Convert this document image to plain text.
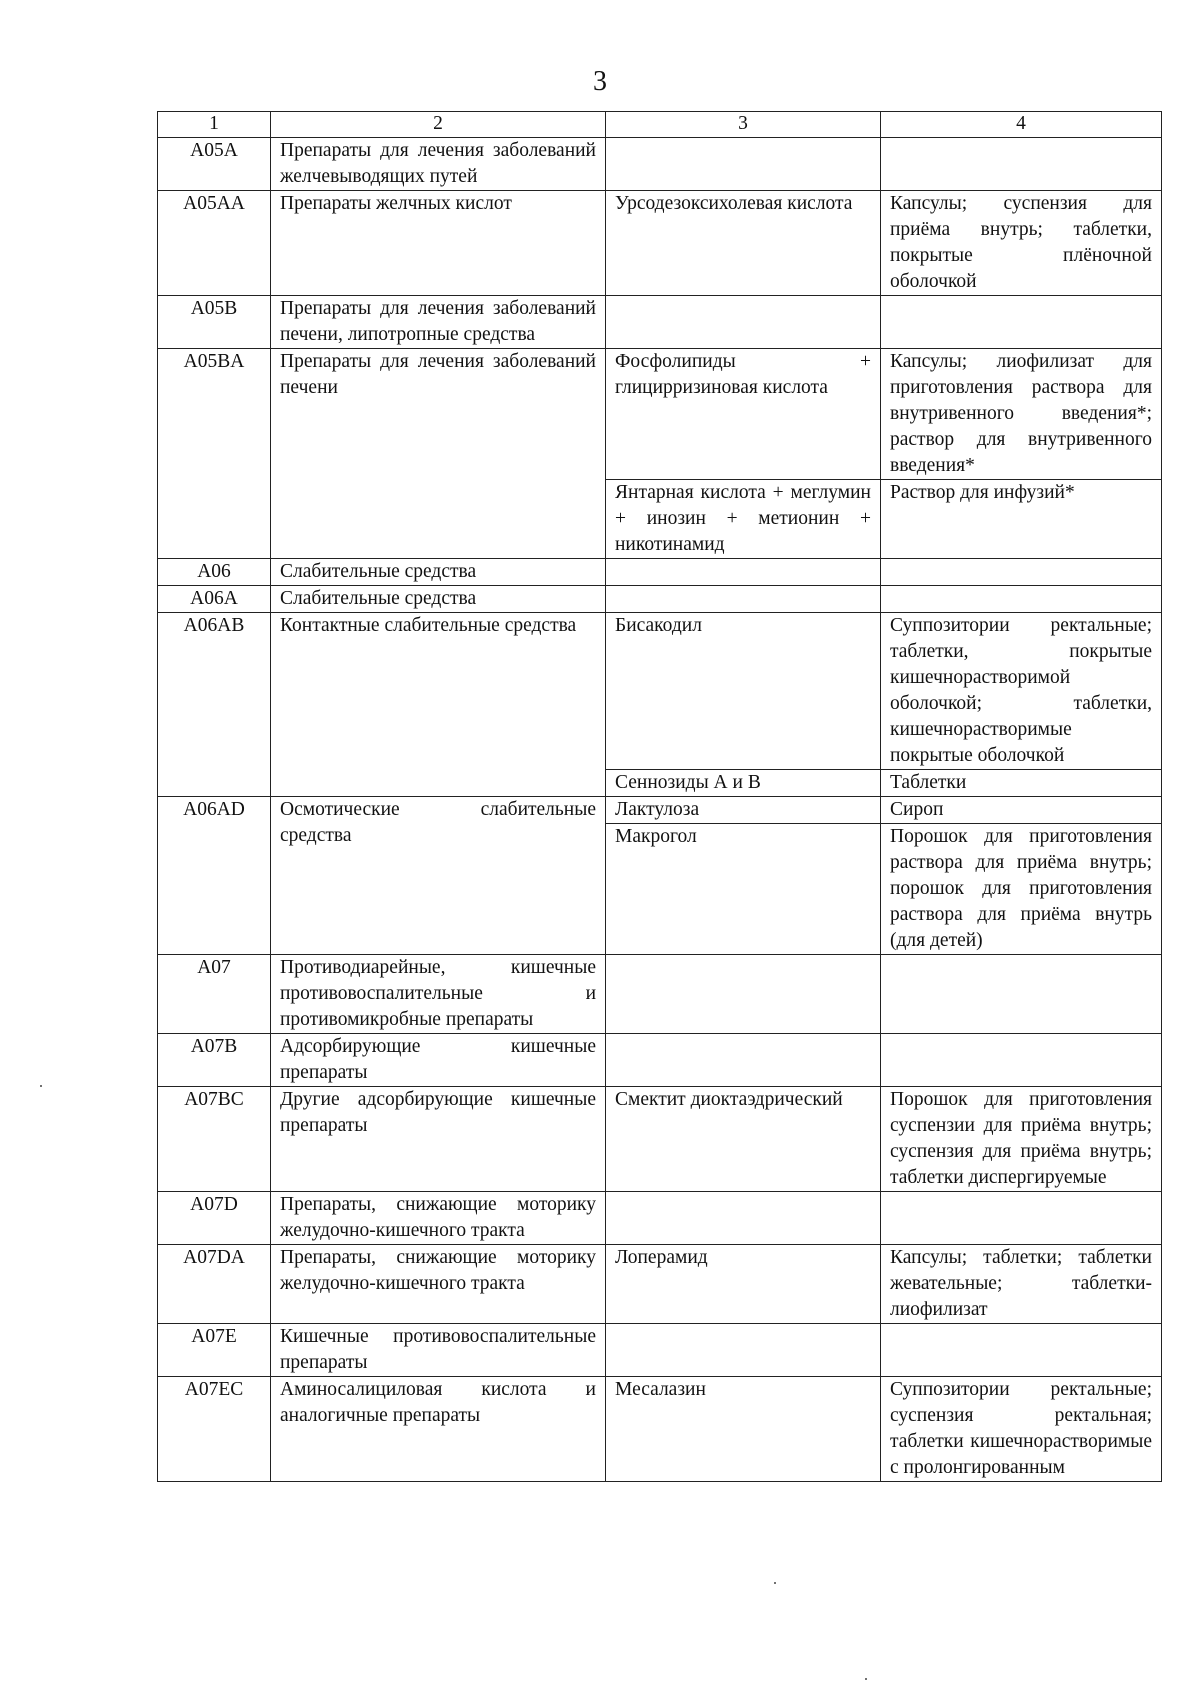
3
1	2	3	4
A05A	Препараты для лечения заболеваний желчевыводящих путей		
A05AA	Препараты желчных кислот	Урсодезоксихолевая кислота	Капсулы; суспензия для приёма внутрь; таблетки, покрытые плёночной оболочкой
A05B	Препараты для лечения заболеваний печени, липотропные средства		
A05BA	Препараты для лечения заболеваний печени	Фосфолипиды + глицирризиновая кислота	Капсулы; лиофилизат для приготовления раствора для внутривенного введения*; раствор для внутривенного введения*
		Янтарная кислота + меглумин + инозин + метионин + никотинамид	Раствор для инфузий*
A06	Слабительные средства		
A06A	Слабительные средства		
A06AB	Контактные слабительные средства	Бисакодил	Суппозитории ректальные; таблетки, покрытые кишечнорастворимой оболочкой; таблетки, кишечнорастворимые покрытые оболочкой
		Сеннозиды А и В	Таблетки
A06AD	Осмотические слабительные средства	Лактулоза	Сироп
		Макрогол	Порошок для приготовления раствора для приёма внутрь; порошок для приготовления раствора для приёма внутрь (для детей)
A07	Противодиарейные, кишечные противовоспалительные и противомикробные препараты		
A07B	Адсорбирующие кишечные препараты		
A07BC	Другие адсорбирующие кишечные препараты	Смектит диоктаэдрический	Порошок для приготовления суспензии для приёма внутрь; суспензия для приёма внутрь; таблетки диспергируемые
A07D	Препараты, снижающие моторику желудочно-кишечного тракта		
A07DA	Препараты, снижающие моторику желудочно-кишечного тракта	Лоперамид	Капсулы; таблетки; таблетки жевательные; таблетки-лиофилизат
A07E	Кишечные противовоспалительные препараты		
A07EC	Аминосалициловая кислота и аналогичные препараты	Месалазин	Суппозитории ректальные; суспензия ректальная; таблетки кишечнорастворимые с пролонгированным
